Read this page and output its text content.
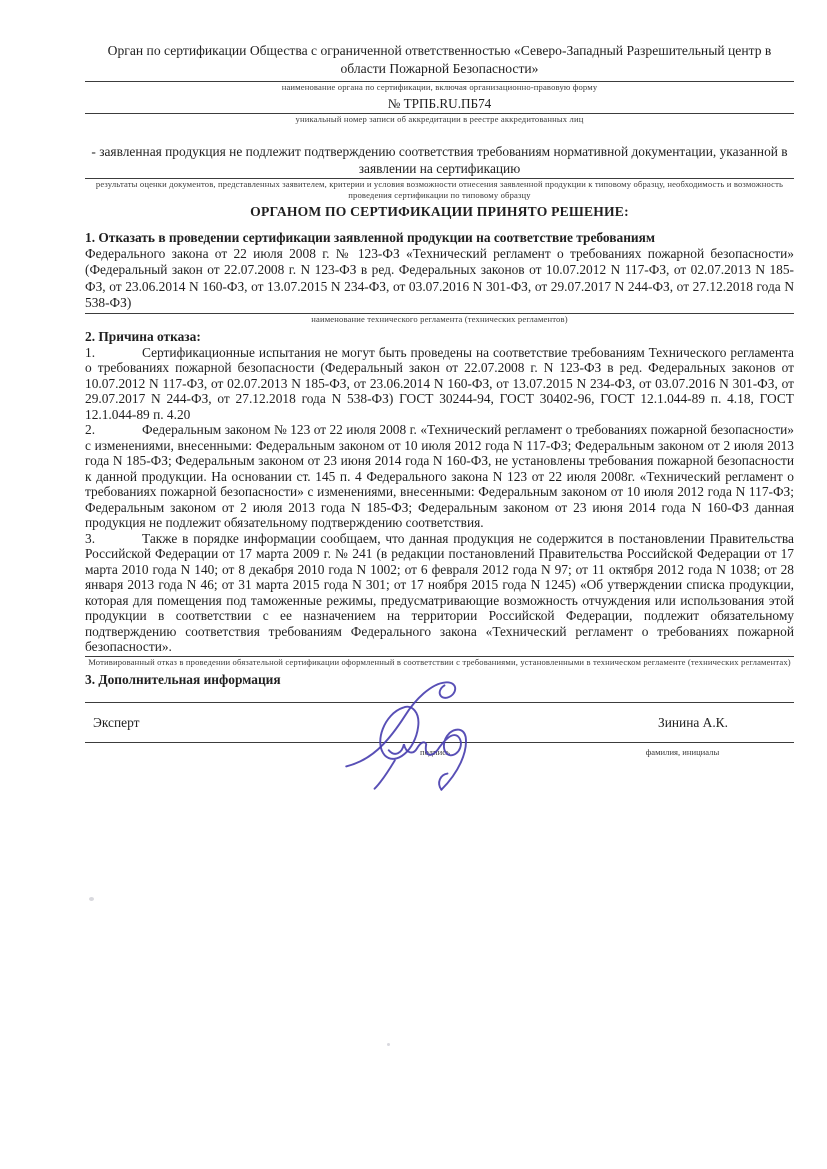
Орган по сертификации Общества с ограниченной ответственностью «Северо-Западный Разрешительный центр в области Пожарной Безопасности»
наименование органа по сертификации, включая организационно-правовую форму
№ ТРПБ.RU.ПБ74
уникальный номер записи об аккредитации в реестре аккредитованных лиц
- заявленная продукция не подлежит подтверждению соответствия требованиям нормативной документации, указанной в заявлении на сертификацию
результаты оценки документов, представленных заявителем, критерии и условия возможности отнесения заявленной продукции к типовому образцу, необходимость и возможность проведения сертификации по типовому образцу
ОРГАНОМ ПО СЕРТИФИКАЦИИ ПРИНЯТО РЕШЕНИЕ:
1. Отказать в проведении сертификации заявленной продукции на соответствие требованиям

Федерального закона от 22 июля 2008 г. № 123-ФЗ «Технический регламент о требованиях пожарной безопасности» (Федеральный закон от 22.07.2008 г. N 123-ФЗ в ред. Федеральных законов от 10.07.2012 N 117-ФЗ, от 02.07.2013 N 185-ФЗ, от 23.06.2014 N 160-ФЗ, от 13.07.2015 N 234-ФЗ, от 03.07.2016 N 301-ФЗ, от 29.07.2017 N 244-ФЗ, от 27.12.2018 года N 538-ФЗ)

наименование технического регламента (технических регламентов)
2. Причина отказа:

1.	Сертификационные испытания не могут быть проведены на соответствие требованиям Технического регламента о требованиях пожарной безопасности (Федеральный закон от 22.07.2008 г. N 123-ФЗ в ред. Федеральных законов от 10.07.2012 N 117-ФЗ, от 02.07.2013 N 185-ФЗ, от 23.06.2014 N 160-ФЗ, от 13.07.2015 N 234-ФЗ, от 03.07.2016 N 301-ФЗ, от 29.07.2017 N 244-ФЗ, от 27.12.2018 года N 538-ФЗ) ГОСТ 30244-94, ГОСТ 30402-96, ГОСТ 12.1.044-89 п. 4.18, ГОСТ 12.1.044-89 п. 4.20

2.	Федеральным законом № 123 от 22 июля 2008 г. «Технический регламент о требованиях пожарной безопасности» с изменениями, внесенными: Федеральным законом от 10 июля 2012 года N 117-ФЗ; Федеральным законом от 2 июля 2013 года N 185-ФЗ; Федеральным законом от 23 июня 2014 года N 160-ФЗ, не установлены требования пожарной безопасности к данной продукции. На основании ст. 145 п. 4 Федерального закона N 123 от 22 июля 2008г. «Технический регламент о требованиях пожарной безопасности» с изменениями, внесенными: Федеральным законом от 10 июля 2012 года N 117-ФЗ; Федеральным законом от 2 июля 2013 года N 185-ФЗ; Федеральным законом от 23 июня 2014 года N 160-ФЗ данная продукция не подлежит обязательному подтверждению соответствия.

3.	Также в порядке информации сообщаем, что данная продукция не содержится в постановлении Правительства Российской Федерации от 17 марта 2009 г. № 241 (в редакции постановлений Правительства Российской Федерации от 17 марта 2010 года N 140; от 8 декабря 2010 года N 1002; от 6 февраля 2012 года N 97; от 11 октября 2012 года N 1038; от 28 января 2013 года N 46; от 31 марта 2015 года N 301; от 17 ноября 2015 года N 1245) «Об утверждении списка продукции, которая для помещения под таможенные режимы, предусматривающие возможность отчуждения или использования этой продукции в соответствии с ее назначением на территории Российской Федерации, подлежит обязательному подтверждению соответствия требованиям Федерального закона «Технический регламент о требованиях пожарной безопасности».

Мотивированный отказ в проведении обязательной сертификации оформленный в соответствии с требованиями, установленными в техническом регламенте (технических регламентах)
3. Дополнительная информация
Эксперт	Зинина А.К.
подпись	фамилия, инициалы
